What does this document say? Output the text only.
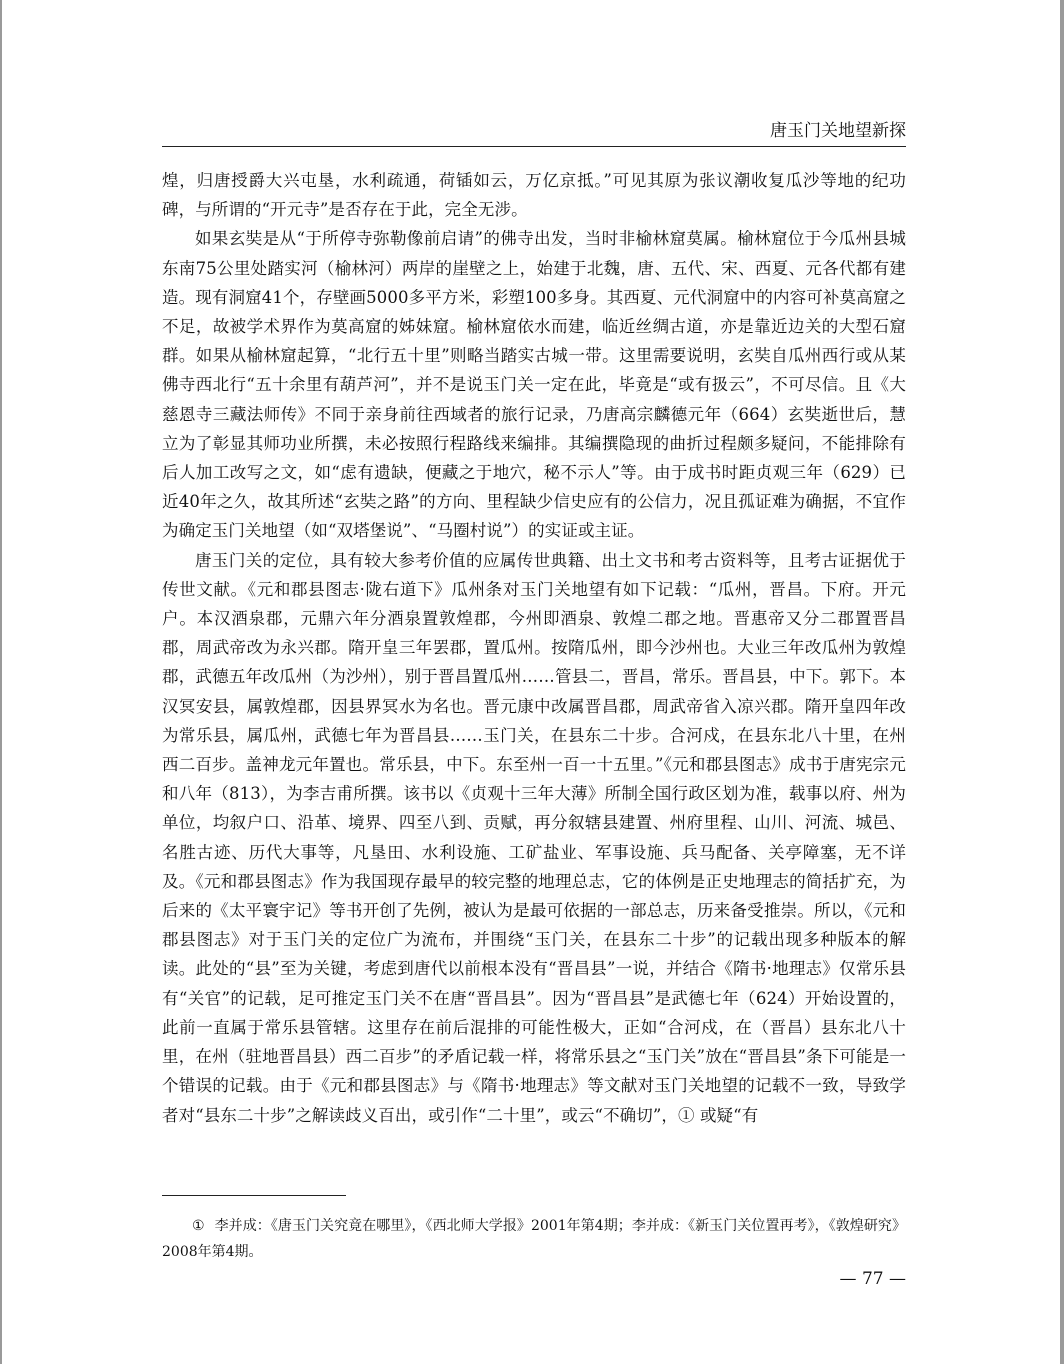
唐玉门关地望新探

煌，归唐授爵大兴屯垦，水利疏通，荷锸如云，万亿京抵。”可见其原为张议潮收复瓜沙等地的纪功碑，与所谓的“开元寺”是否存在于此，完全无涉。

如果玄奘是从“于所停寺弥勒像前启请”的佛寺出发，当时非榆林窟莫属。榆林窟位于今瓜州县城东南75公里处踏实河（榆林河）两岸的崖壁之上，始建于北魏，唐、五代、宋、西夏、元各代都有建造。现有洞窟41个，存壁画5000多平方米，彩塑100多身。其西夏、元代洞窟中的内容可补莫高窟之不足，故被学术界作为莫高窟的姊妹窟。榆林窟依水而建，临近丝绸古道，亦是靠近边关的大型石窟群。如果从榆林窟起算，“北行五十里”则略当踏实古城一带。这里需要说明，玄奘自瓜州西行或从某佛寺西北行“五十余里有葫芦河”，并不是说玉门关一定在此，毕竟是“或有扱云”，不可尽信。且《大慈恩寺三藏法师传》不同于亲身前往西域者的旅行记录，乃唐高宗麟德元年（664）玄奘逝世后，慧立为了彰显其师功业所撰，未必按照行程路线来编排。其编撰隐现的曲折过程颇多疑问，不能排除有后人加工改写之文，如“虑有遗缺，便藏之于地穴，秘不示人”等。由于成书时距贞观三年（629）已近40年之久，故其所述“玄奘之路”的方向、里程缺少信史应有的公信力，况且孤证难为确据，不宜作为确定玉门关地望（如“双塔堡说”、“马圈村说”）的实证或主证。

唐玉门关的定位，具有较大参考价值的应属传世典籍、出土文书和考古资料等，且考古证据优于传世文献。《元和郡县图志·陇右道下》瓜州条对玉门关地望有如下记载：“瓜州，晋昌。下府。开元户。本汉酒泉郡，元鼎六年分酒泉置敦煌郡，今州即酒泉、敦煌二郡之地。晋惠帝又分二郡置晋昌郡，周武帝改为永兴郡。隋开皇三年罢郡，置瓜州。按隋瓜州，即今沙州也。大业三年改瓜州为敦煌郡，武德五年改瓜州（为沙州），别于晋昌置瓜州……管县二，晋昌，常乐。晋昌县，中下。郭下。本汉冥安县，属敦煌郡，因县界冥水为名也。晋元康中改属晋昌郡，周武帝省入凉兴郡。隋开皇四年改为常乐县，属瓜州，武德七年为晋昌县……玉门关，在县东二十步。合河戍，在县东北八十里，在州西二百步。盖神龙元年置也。常乐县，中下。东至州一百一十五里。”《元和郡县图志》成书于唐宪宗元和八年（813），为李吉甫所撰。该书以《贞观十三年大薄》所制全国行政区划为准，载事以府、州为单位，均叙户口、沿革、境界、四至八到、贡赋，再分叙辖县建置、州府里程、山川、河流、城邑、名胜古迹、历代大事等，凡垦田、水利设施、工矿盐业、军事设施、兵马配备、关亭障塞，无不详及。《元和郡县图志》作为我国现存最早的较完整的地理总志，它的体例是正史地理志的简括扩充，为后来的《太平寰宇记》等书开创了先例，被认为是最可依据的一部总志，历来备受推崇。所以，《元和郡县图志》对于玉门关的定位广为流布，并围绕“玉门关，在县东二十步”的记载出现多种版本的解读。此处的“县”至为关键，考虑到唐代以前根本没有“晋昌县”一说，并结合《隋书·地理志》仅常乐县有“关官”的记载，足可推定玉门关不在唐“晋昌县”。因为“晋昌县”是武德七年（624）开始设置的，此前一直属于常乐县管辖。这里存在前后混排的可能性极大，正如“合河戍，在（晋昌）县东北八十里，在州（驻地晋昌县）西二百步”的矛盾记载一样，将常乐县之“玉门关”放在“晋昌县”条下可能是一个错误的记载。由于《元和郡县图志》与《隋书·地理志》等文献对玉门关地望的记载不一致，导致学者对“县东二十步”之解读歧义百出，或引作“二十里”，或云“不确切”，① 或疑“有

① 李并成：《唐玉门关究竟在哪里》，《西北师大学报》2001年第4期；李并成：《新玉门关位置再考》，《敦煌研究》2008年第4期。
— 77 —
